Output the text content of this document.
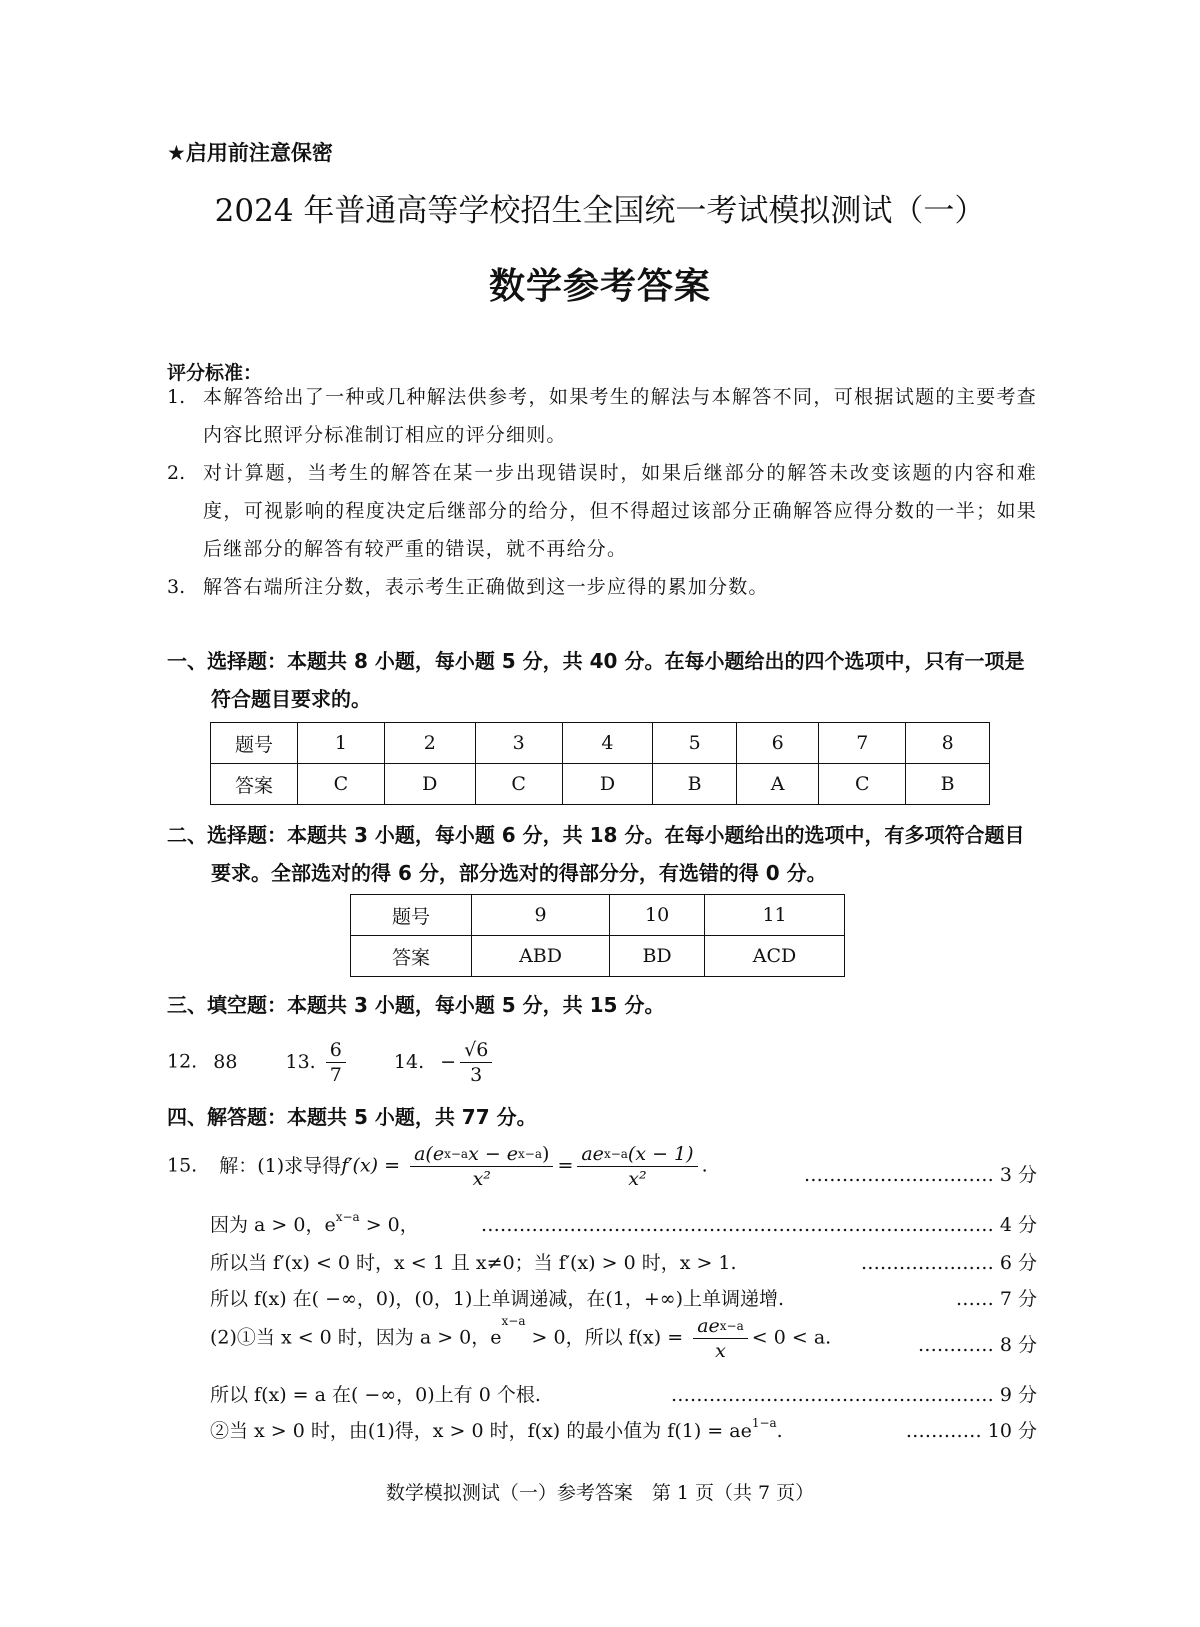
★启用前注意保密
2024 年普通高等学校招生全国统一考试模拟测试（一）
数学参考答案
评分标准：
1. 本解答给出了一种或几种解法供参考，如果考生的解法与本解答不同，可根据试题的主要考查内容比照评分标准制订相应的评分细则。
2. 对计算题，当考生的解答在某一步出现错误时，如果后继部分的解答未改变该题的内容和难度，可视影响的程度决定后继部分的给分，但不得超过该部分正确解答应得分数的一半；如果后继部分的解答有较严重的错误，就不再给分。
3. 解答右端所注分数，表示考生正确做到这一步应得的累加分数。
一、选择题：本题共 8 小题，每小题 5 分，共 40 分。在每小题给出的四个选项中，只有一项是符合题目要求的。
题号	1	2	3	4	5	6	7	8
答案	C	D	C	D	B	A	C	B
二、选择题：本题共 3 小题，每小题 6 分，共 18 分。在每小题给出的选项中，有多项符合题目要求。全部选对的得 6 分，部分选对的得部分分，有选错的得 0 分。
题号	9	10	11
答案	ABD	BD	ACD
三、填空题：本题共 3 小题，每小题 5 分，共 15 分。
12. 88	13. $\frac{6}{7}$	14. − $\frac{√6}{3}$
四、解答题：本题共 5 小题，共 77 分。
15. 解：(1)求导得$f'(x) = \frac{a(e^{x-a}x - e^{x-a})}{\text{x²}} = \frac{ae^{x-a}(x - 1)}{\text{x²}}$ .	………………………… 3 分
因为 a > 0，$e^{x-a} > 0$，	……………………………………………………………………… 4 分
所以当 f′(x) < 0 时，x < 1 且 x≠0；当 f′(x) > 0 时，x > 1.	………………… 6 分
所以 f(x) 在( −∞，0)，(0，1)上单调递减，在(1，+∞)上单调递增.	…… 7 分
(2)①当 x < 0 时，因为 a > 0，$e^{x-a} > 0$，所以 $f(x) = \frac{ae^{x-a}}{x} < 0 < a$.	………… 8 分
所以 f(x) = a 在( −∞，0)上有 0 个根.	…………………………………………… 9 分
②当 x > 0 时，由(1)得，x > 0 时，f(x) 的最小值为 $f(1) = ae^{1-a}$.	………… 10 分
数学模拟测试（一）参考答案　第 1 页（共 7 页）
